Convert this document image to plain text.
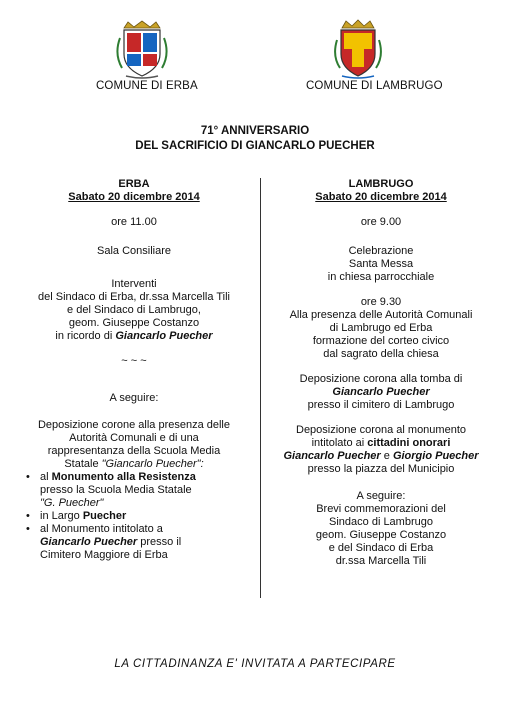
COMUNE DI ERBA	COMUNE DI LAMBRUGO
71° ANNIVERSARIO
DEL SACRIFICIO DI GIANCARLO PUECHER
ERBA
Sabato 20 dicembre 2014
ore 11.00
Sala Consiliare
Interventi
del Sindaco di Erba, dr.ssa Marcella Tili
e del Sindaco di Lambrugo,
geom. Giuseppe Costanzo
in ricordo di Giancarlo Puecher
~ ~ ~
A seguire:
Deposizione corone alla presenza delle
Autorità Comunali e di una
rappresentanza della Scuola Media
Statale "Giancarlo Puecher":
• al Monumento alla Resistenza
presso la Scuola Media Statale
"G. Puecher"
• in Largo Puecher
• al Monumento intitolato a
Giancarlo Puecher presso il
Cimitero Maggiore di Erba
LAMBRUGO
Sabato 20 dicembre 2014
ore 9.00
Celebrazione
Santa Messa
in chiesa parrocchiale
ore 9.30
Alla presenza delle Autorità Comunali
di Lambrugo ed Erba
formazione del corteo civico
dal sagrato della chiesa
Deposizione corona alla tomba di
Giancarlo Puecher
presso il cimitero di Lambrugo
Deposizione corona al monumento
intitolato ai cittadini onorari
Giancarlo Puecher e Giorgio Puecher
presso la piazza del Municipio
A seguire:
Brevi commemorazioni del
Sindaco di Lambrugo
geom. Giuseppe Costanzo
e del Sindaco di Erba
dr.ssa Marcella Tili
LA CITTADINANZA E' INVITATA A PARTECIPARE
